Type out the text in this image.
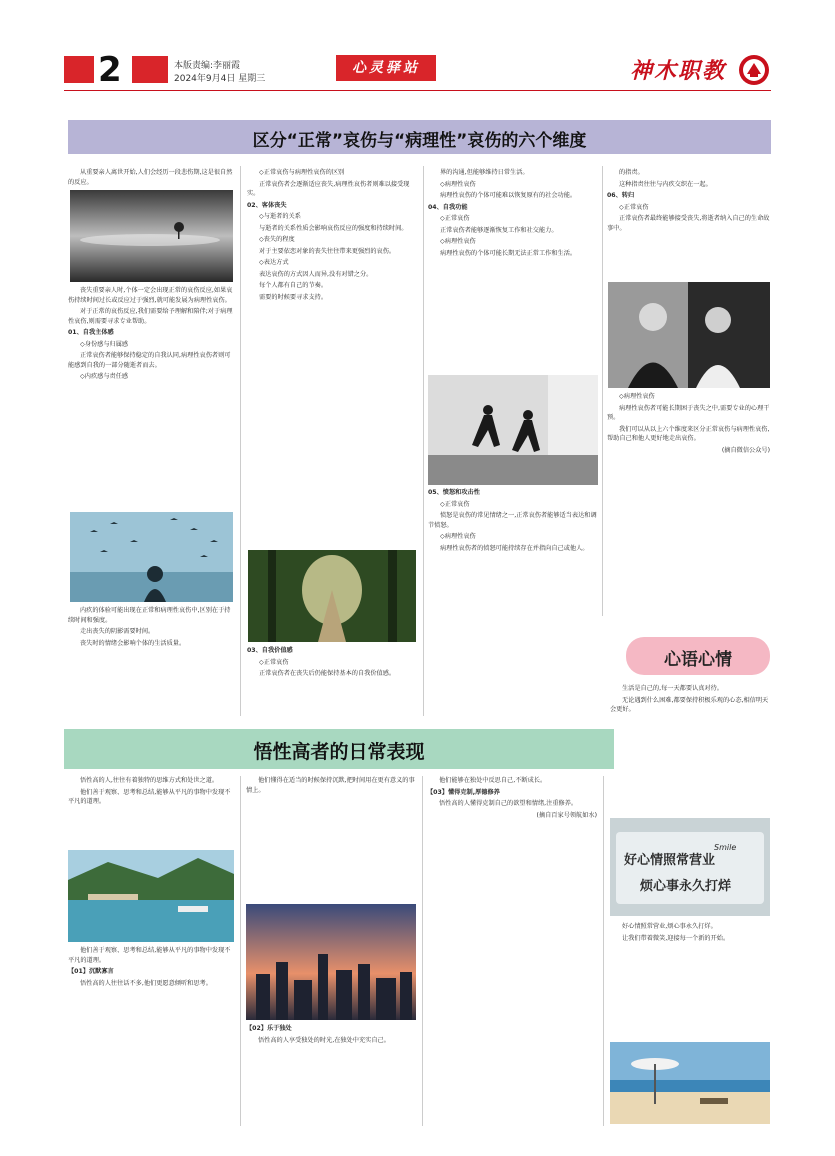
2	本版责编:李丽霞
2024年9月4日 星期三
心灵驿站	神木职教
区分“正常”哀伤与“病理性”哀伤的六个维度

从重要亲人离世开始,人们会经历一段悲伤期,这是很自然的反应。

丧失重要亲人时,个体一定会出现正常的哀伤反应,如果哀伤持续时间过长或反应过于强烈,就可能发展为病理性哀伤。

对于正常的哀伤反应,我们需要给予理解和陪伴;对于病理性哀伤,则需要寻求专业帮助。

01、自我主体感

◇身份感与归属感

正常哀伤者能够保持稳定的自我认同,病理性哀伤者则可能感到自我的一部分随逝者而去。

◇内疚感与责任感

内疚的体验可能出现在正常和病理性哀伤中,区别在于持续时间和强度。

走出丧失的阴影需要时间。

丧失时的情绪会影响个体的生活质量。

◇正常哀伤与病理性哀伤的区别

正常哀伤者会逐渐适应丧失,病理性哀伤者则难以接受现实。

02、客体丧失

◇与逝者的关系

与逝者的关系性质会影响哀伤反应的强度和持续时间。

◇丧失的程度

对于主要依恋对象的丧失往往带来更强烈的哀伤。

◇表达方式

表达哀伤的方式因人而异,没有对错之分。

每个人都有自己的节奏。

需要的时候要寻求支持。

03、自我价值感

◇正常哀伤

正常哀伤者在丧失后仍能保持基本的自我价值感。

界的沟通,但能够维持日常生活。

◇病理性哀伤

病理性哀伤的个体可能难以恢复原有的社会功能。

04、自我功能

◇正常哀伤

正常哀伤者能够逐渐恢复工作和社交能力。

◇病理性哀伤

病理性哀伤的个体可能长期无法正常工作和生活。

05、愤怒和攻击性

◇正常哀伤

愤怒是哀伤的常见情绪之一,正常哀伤者能够适当表达和调节愤怒。

◇病理性哀伤

病理性哀伤者的愤怒可能持续存在并指向自己或他人。

的指责。

这种指责往往与内疚交织在一起。

06、转归

◇正常哀伤

正常哀伤者最终能够接受丧失,将逝者纳入自己的生命故事中。

◇病理性哀伤

病理性哀伤者可能长期困于丧失之中,需要专业的心理干预。

我们可以从以上六个维度来区分正常哀伤与病理性哀伤,帮助自己和他人更好地走出哀伤。

(摘自微信公众号)

心语心情

生活是自己的,每一天都要认真对待。

无论遇到什么困难,都要保持积极乐观的心态,相信明天会更好。

好心情照常营业
Smile
烦心事永久打烊

好心情照常营业,烦心事永久打烊。

让我们带着微笑,迎接每一个新的开始。

悟性高者的日常表现

悟性高的人,往往有着独特的思维方式和处世之道。

他们善于观察、思考和总结,能够从平凡的事物中发现不平凡的道理。

他们善于观察、思考和总结,能够从平凡的事物中发现不平凡的道理。

【01】沉默寡言

悟性高的人往往话不多,他们更愿意倾听和思考。

他们懂得在适当的时候保持沉默,把时间用在更有意义的事情上。

【02】乐于独处

悟性高的人享受独处的时光,在独处中充实自己。

他们能够在独处中反思自己,不断成长。

【03】懂得克制,厚德修养

悟性高的人懂得克制自己的欲望和情绪,注重修养。

(摘自百家号领航如水)
